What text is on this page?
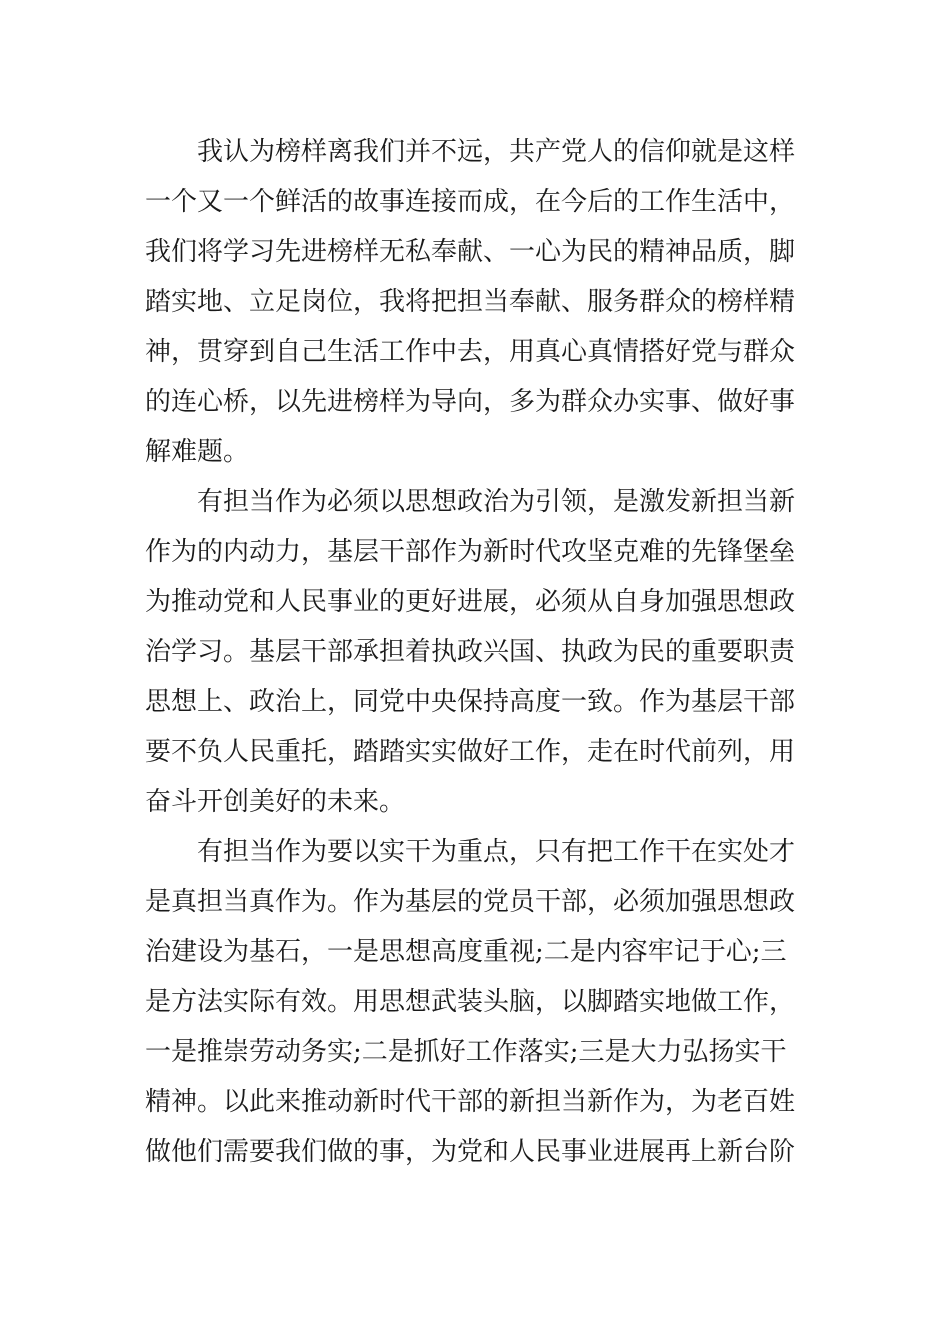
　　我认为榜样离我们并不远，共产党人的信仰就是这样
一个又一个鲜活的故事连接而成，在今后的工作生活中，
我们将学习先进榜样无私奉献、一心为民的精神品质，脚
踏实地、立足岗位，我将把担当奉献、服务群众的榜样精
神，贯穿到自己生活工作中去，用真心真情搭好党与群众
的连心桥，以先进榜样为导向，多为群众办实事、做好事
解难题。
　　有担当作为必须以思想政治为引领，是激发新担当新
作为的内动力，基层干部作为新时代攻坚克难的先锋堡垒
为推动党和人民事业的更好进展，必须从自身加强思想政
治学习。基层干部承担着执政兴国、执政为民的重要职责
思想上、政治上，同党中央保持高度一致。作为基层干部
要不负人民重托，踏踏实实做好工作，走在时代前列，用
奋斗开创美好的未来。
　　有担当作为要以实干为重点，只有把工作干在实处才
是真担当真作为。作为基层的党员干部，必须加强思想政
治建设为基石，一是思想高度重视;二是内容牢记于心;三
是方法实际有效。用思想武装头脑，以脚踏实地做工作，
一是推崇劳动务实;二是抓好工作落实;三是大力弘扬实干
精神。以此来推动新时代干部的新担当新作为，为老百姓
做他们需要我们做的事，为党和人民事业进展再上新台阶
